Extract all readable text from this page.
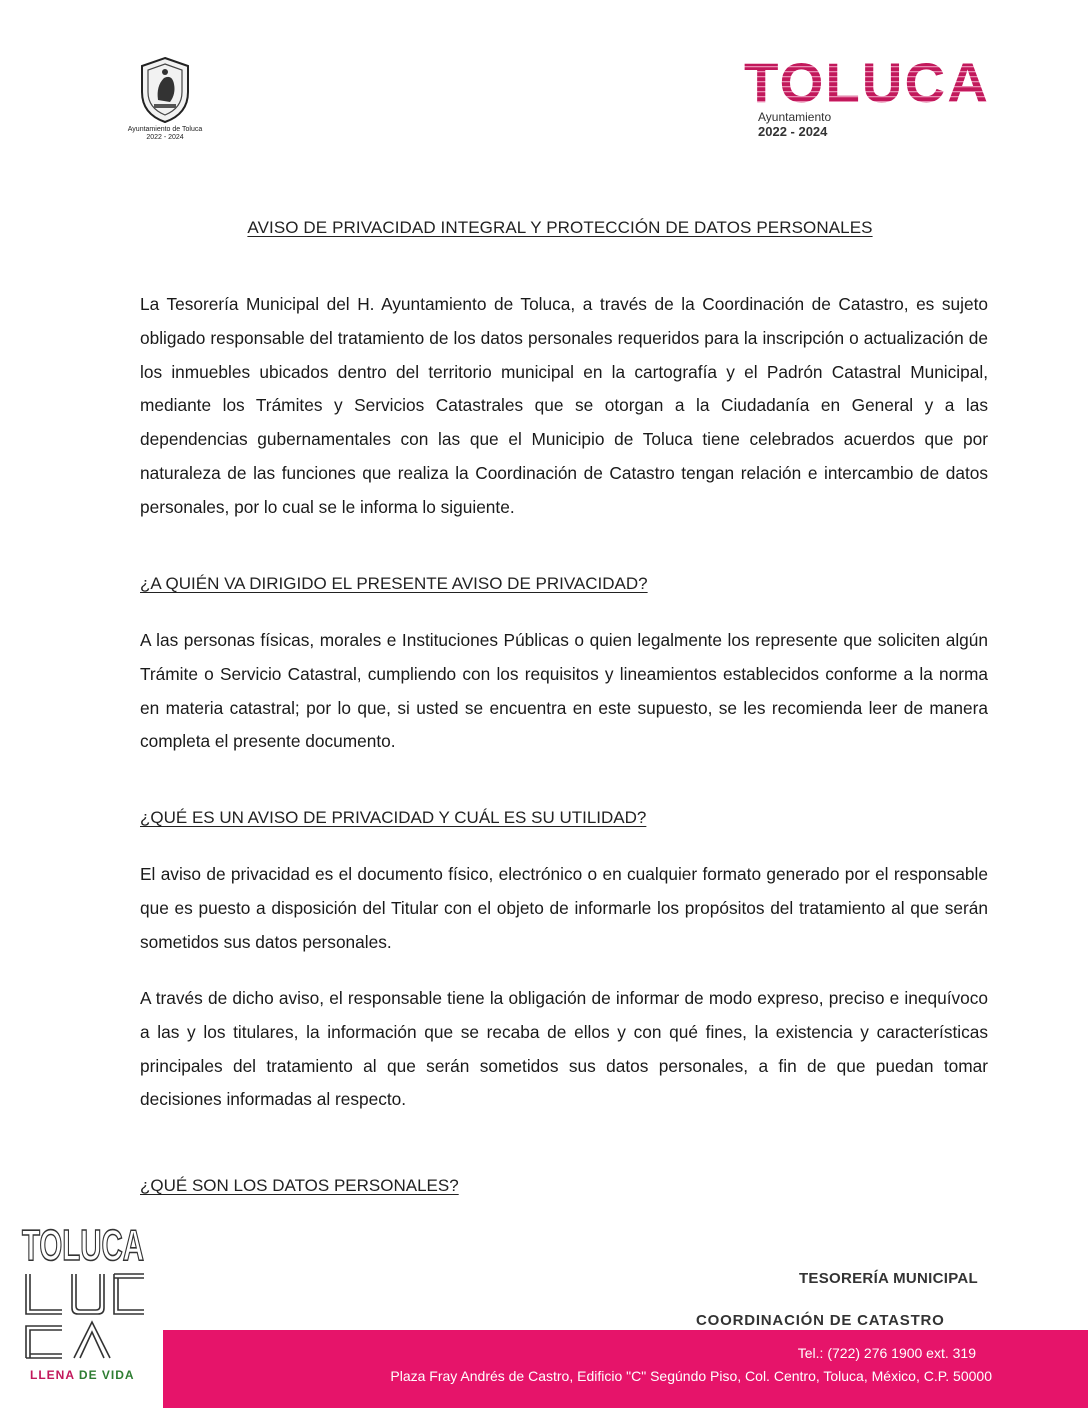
Ayuntamiento de Toluca
2022 - 2024
TOLUCA
Ayuntamiento
2022 - 2024
AVISO DE PRIVACIDAD INTEGRAL Y PROTECCIÓN DE DATOS PERSONALES

La Tesorería Municipal del H. Ayuntamiento de Toluca, a través de la Coordinación de Catastro, es sujeto obligado responsable del tratamiento de los datos personales requeridos para la inscripción o actualización de los inmuebles ubicados dentro del territorio municipal en la cartografía y el Padrón Catastral Municipal, mediante los Trámites y Servicios Catastrales que se otorgan a la Ciudadanía en General y a las dependencias gubernamentales con las que el Municipio de Toluca tiene celebrados acuerdos que por naturaleza de las funciones que realiza la Coordinación de Catastro tengan relación e intercambio de datos personales, por lo cual se le informa lo siguiente.

¿A QUIÉN VA DIRIGIDO EL PRESENTE AVISO DE PRIVACIDAD?

A las personas físicas, morales e Instituciones Públicas o quien legalmente los represente que soliciten algún Trámite o Servicio Catastral, cumpliendo con los requisitos y lineamientos establecidos conforme a la norma en materia catastral; por lo que, si usted se encuentra en este supuesto, se les recomienda leer de manera completa el presente documento.

¿QUÉ ES UN AVISO DE PRIVACIDAD Y CUÁL ES SU UTILIDAD?

El aviso de privacidad es el documento físico, electrónico o en cualquier formato generado por el responsable que es puesto a disposición del Titular con el objeto de informarle los propósitos del tratamiento al que serán sometidos sus datos personales.

A través de dicho aviso, el responsable tiene la obligación de informar de modo expreso, preciso e inequívoco a las y los titulares, la información que se recaba de ellos y con qué fines, la existencia y características principales del tratamiento al que serán sometidos sus datos personales, a fin de que puedan tomar decisiones informadas al respecto.

¿QUÉ SON LOS DATOS PERSONALES?

TOLUCA
LLENA DE VIDA
TESORERÍA MUNICIPAL
COORDINACIÓN DE CATASTRO
Tel.: (722) 276 1900 ext. 319
Plaza Fray Andrés de Castro, Edificio "C" Segúndo Piso, Col. Centro, Toluca, México, C.P. 50000
